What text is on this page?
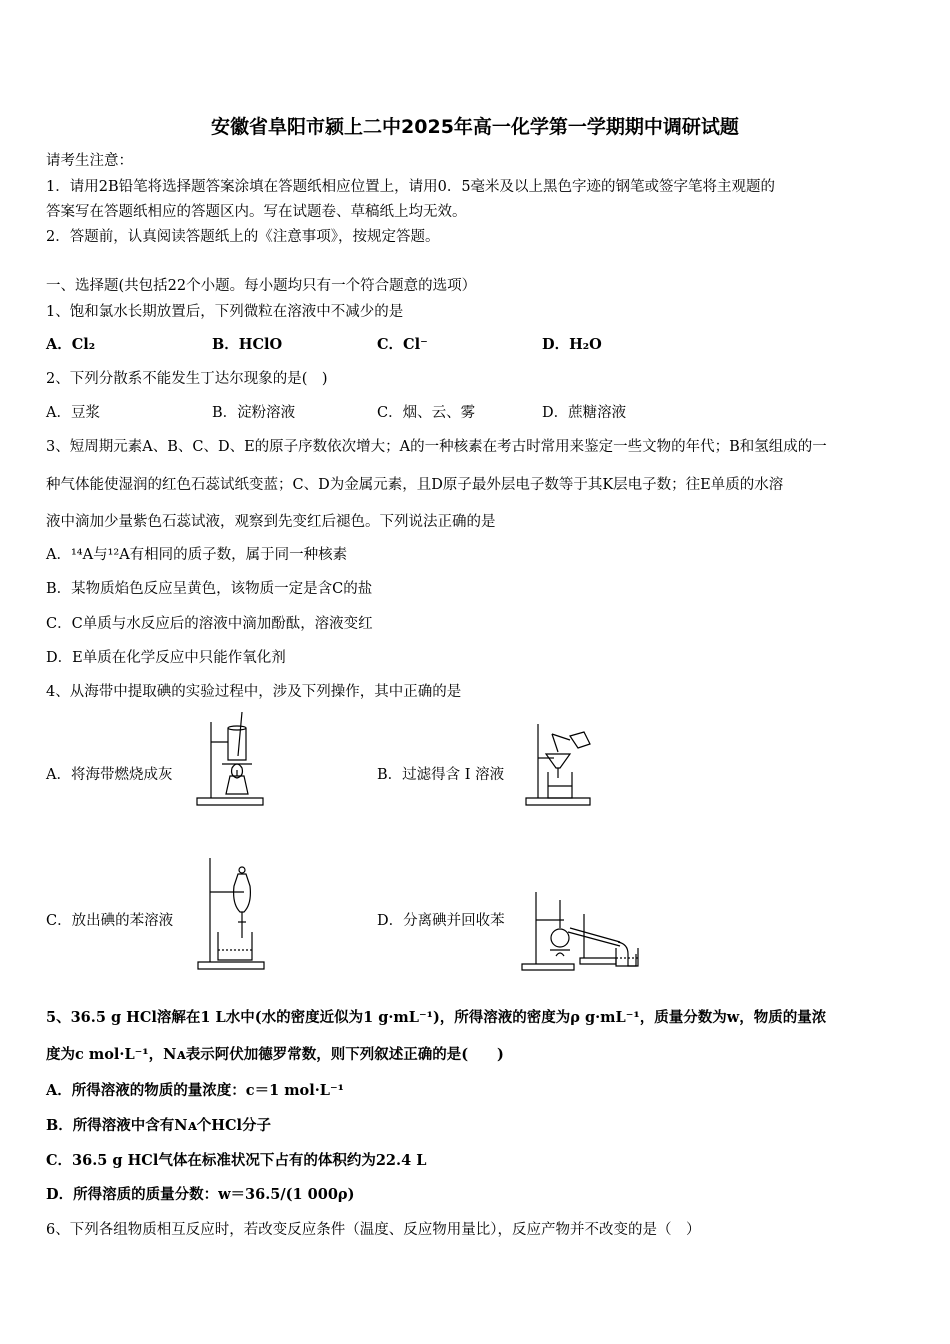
安徽省阜阳市颍上二中2025年高一化学第一学期期中调研试题
请考生注意：
1．请用2B铅笔将选择题答案涂填在答题纸相应位置上，请用0．5毫米及以上黑色字迹的钢笔或签字笔将主观题的
答案写在答题纸相应的答题区内。写在试题卷、草稿纸上均无效。
2．答题前，认真阅读答题纸上的《注意事项》，按规定答题。
一、选择题(共包括22个小题。每小题均只有一个符合题意的选项）
1、饱和氯水长期放置后，下列微粒在溶液中不减少的是
A．Cl₂	B．HClO	C．Cl⁻	D．H₂O
2、下列分散系不能发生丁达尔现象的是(　)
A．豆浆	B．淀粉溶液	C．烟、云、雾	D．蔗糖溶液
3、短周期元素A、B、C、D、E的原子序数依次增大；A的一种核素在考古时常用来鉴定一些文物的年代；B和氢组成的一
种气体能使湿润的红色石蕊试纸变蓝；C、D为金属元素，且D原子最外层电子数等于其K层电子数；往E单质的水溶
液中滴加少量紫色石蕊试液，观察到先变红后褪色。下列说法正确的是
A．¹⁴A与¹²A有相同的质子数，属于同一种核素
B．某物质焰色反应呈黄色，该物质一定是含C的盐
C．C单质与水反应后的溶液中滴加酚酞，溶液变红
D．E单质在化学反应中只能作氧化剂
4、从海带中提取碘的实验过程中，涉及下列操作，其中正确的是
A．将海带燃烧成灰	B．过滤得含 I 溶液
C．放出碘的苯溶液	D．分离碘并回收苯
5、36.5 g HCl溶解在1 L水中(水的密度近似为1 g·mL⁻¹)，所得溶液的密度为ρ g·mL⁻¹，质量分数为w，物质的量浓
度为c mol·L⁻¹，Nᴀ表示阿伏加德罗常数，则下列叙述正确的是(　　)
A．所得溶液的物质的量浓度：c＝1 mol·L⁻¹
B．所得溶液中含有Nᴀ个HCl分子
C．36.5 g HCl气体在标准状况下占有的体积约为22.4 L
D．所得溶质的质量分数：w＝36.5/(1 000ρ)
6、下列各组物质相互反应时，若改变反应条件（温度、反应物用量比），反应产物并不改变的是（　）
